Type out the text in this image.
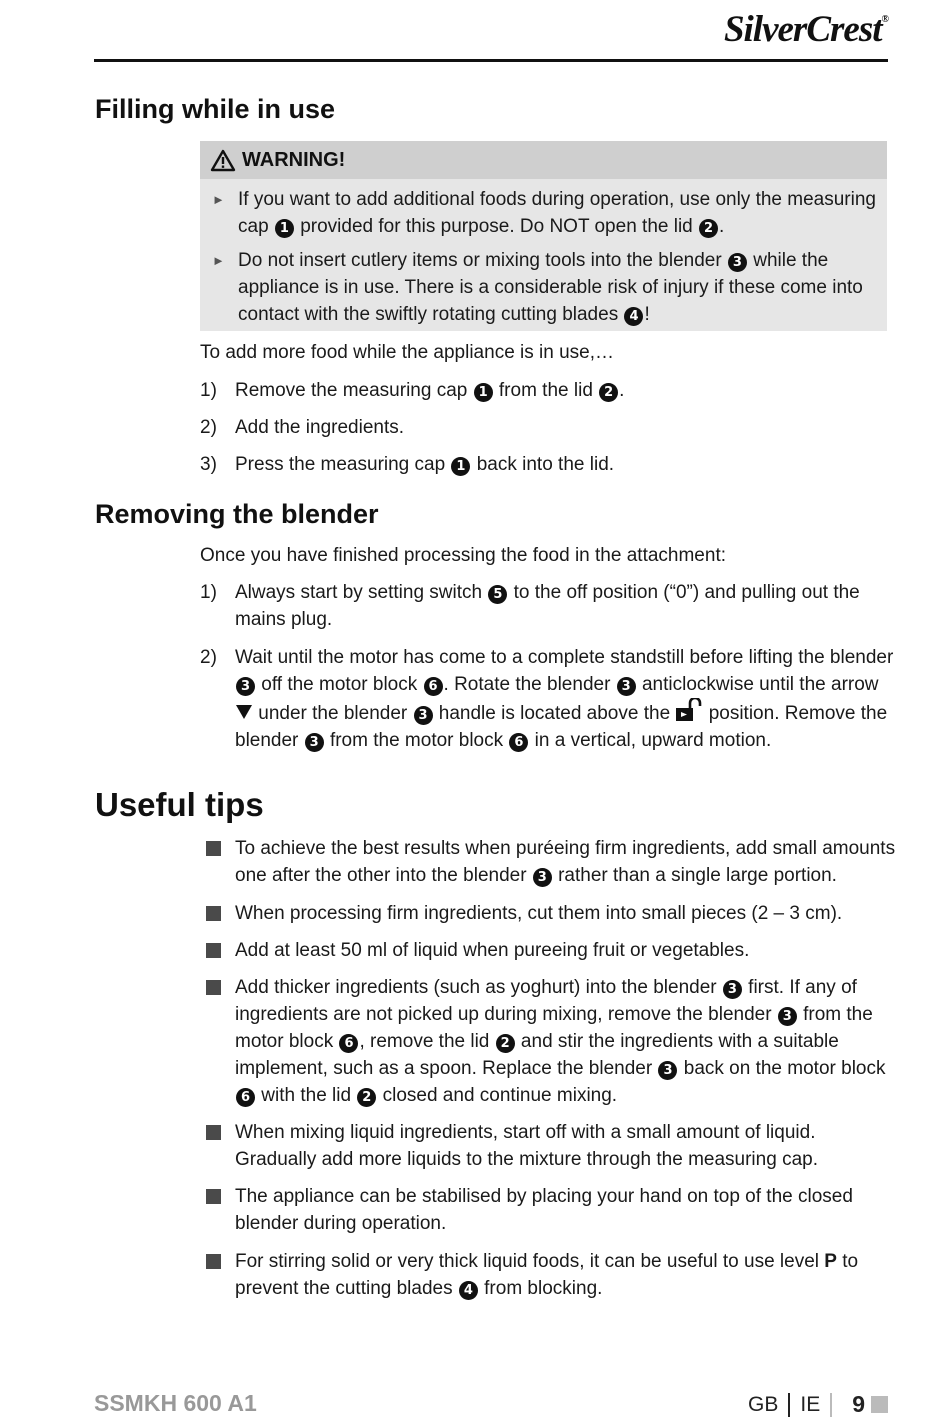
SilverCrest®
Filling while in use
WARNING!
► If you want to add additional foods during operation, use only the measuring cap 1 provided for this purpose. Do NOT open the lid 2 .
► Do not insert cutlery items or mixing tools into the blender 3 while the appliance is in use. There is a considerable risk of injury if these come into contact with the swiftly rotating cutting blades 4 !
To add more food while the appliance is in use,…
1) Remove the measuring cap 1 from the lid 2 .
2) Add the ingredients.
3) Press the measuring cap 1 back into the lid.
Removing the blender
Once you have finished processing the food in the attachment:
1) Always start by setting switch 5 to the off position (“0”) and pulling out the mains plug.
2) Wait until the motor has come to a complete standstill before lifting the blender 3 off the motor block 6 . Rotate the blender 3 anticlockwise until the arrow  under the blender 3 handle is located above the  position. Remove the blender 3 from the motor block 6 in a vertical, upward motion.
Useful tips
To achieve the best results when puréeing firm ingredients, add small amounts one after the other into the blender 3 rather than a single large portion.
When processing firm ingredients, cut them into small pieces (2 – 3 cm).
Add at least 50 ml of liquid when pureeing fruit or vegetables.
Add thicker ingredients (such as yoghurt) into the blender 3 first. If any of ingredients are not picked up during mixing, remove the blender 3 from the motor block 6 , remove the lid 2 and stir the ingredients with a suitable implement, such as a spoon. Replace the blender 3 back on the motor block 6 with the lid 2 closed and continue mixing.
When mixing liquid ingredients, start off with a small amount of liquid. Gradually add more liquids to the mixture through the measuring cap.
The appliance can be stabilised by placing your hand on top of the closed blender during operation.
For stirring solid or very thick liquid foods, it can be useful to use level P to prevent the cutting blades 4 from blocking.
SSMKH 600 A1	GB IE 9
